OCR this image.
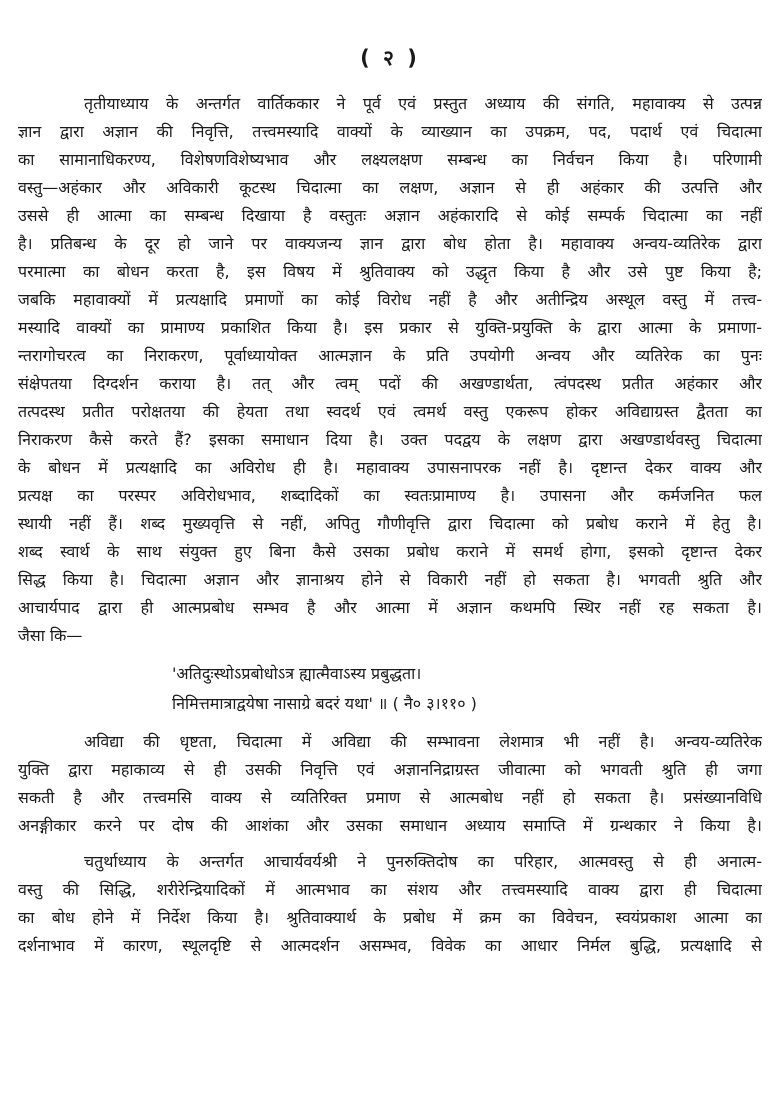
( २ )
तृतीयाध्याय के अन्तर्गत वार्तिककार ने पूर्व एवं प्रस्तुत अध्याय की संगति, महावाक्य से उत्पन्न
ज्ञान द्वारा अज्ञान की निवृत्ति, तत्त्वमस्यादि वाक्यों के व्याख्यान का उपक्रम, पद, पदार्थ एवं चिदात्मा
का सामानाधिकरण्य, विशेषणविशेष्यभाव और लक्ष्यलक्षण सम्बन्ध का निर्वचन किया है। परिणामी
वस्तु—अहंकार और अविकारी कूटस्थ चिदात्मा का लक्षण, अज्ञान से ही अहंकार की उत्पत्ति और
उससे ही आत्मा का सम्बन्ध दिखाया है वस्तुतः अज्ञान अहंकारादि से कोई सम्पर्क चिदात्मा का नहीं
है। प्रतिबन्ध के दूर हो जाने पर वाक्यजन्य ज्ञान द्वारा बोध होता है। महावाक्य अन्वय-व्यतिरेक द्वारा
परमात्मा का बोधन करता है, इस विषय में श्रुतिवाक्य को उद्धृत किया है और उसे पुष्ट किया है;
जबकि महावाक्यों में प्रत्यक्षादि प्रमाणों का कोई विरोध नहीं है और अतीन्द्रिय अस्थूल वस्तु में तत्त्व-
मस्यादि वाक्यों का प्रामाण्य प्रकाशित किया है। इस प्रकार से युक्ति-प्रयुक्ति के द्वारा आत्मा के प्रमाणा-
न्तरागोचरत्व का निराकरण, पूर्वाध्यायोक्त आत्मज्ञान के प्रति उपयोगी अन्वय और व्यतिरेक का पुनः
संक्षेपतया दिग्दर्शन कराया है। तत् और त्वम् पदों की अखण्डार्थता, त्वंपदस्थ प्रतीत अहंकार और
तत्पदस्थ प्रतीत परोक्षतया की हेयता तथा स्वदर्थ एवं त्वमर्थ वस्तु एकरूप होकर अविद्याग्रस्त द्वैतता का
निराकरण कैसे करते हैं? इसका समाधान दिया है। उक्त पदद्वय के लक्षण द्वारा अखण्डार्थवस्तु चिदात्मा
के बोधन में प्रत्यक्षादि का अविरोध ही है। महावाक्य उपासनापरक नहीं है। दृष्टान्त देकर वाक्य और
प्रत्यक्ष का परस्पर अविरोधभाव, शब्दादिकों का स्वतःप्रामाण्य है। उपासना और कर्मजनित फल
स्थायी नहीं हैं। शब्द मुख्यवृत्ति से नहीं, अपितु गौणीवृत्ति द्वारा चिदात्मा को प्रबोध कराने में हेतु है।
शब्द स्वार्थ के साथ संयुक्त हुए बिना कैसे उसका प्रबोध कराने में समर्थ होगा, इसको दृष्टान्त देकर
सिद्ध किया है। चिदात्मा अज्ञान और ज्ञानाश्रय होने से विकारी नहीं हो सकता है। भगवती श्रुति और
आचार्यपाद द्वारा ही आत्मप्रबोध सम्भव है और आत्मा में अज्ञान कथमपि स्थिर नहीं रह सकता है।
जैसा कि—
'अतिदुःस्थोऽप्रबोधोऽत्र ह्यात्मैवाऽस्य प्रबुद्धता।
निमित्तमात्राद्वयेषा नासाग्रे बदरं यथा' ॥ ( नै० ३।११० )
अविद्या की धृष्टता, चिदात्मा में अविद्या की सम्भावना लेशमात्र भी नहीं है। अन्वय-व्यतिरेक
युक्ति द्वारा महाकाव्य से ही उसकी निवृत्ति एवं अज्ञाननिद्राग्रस्त जीवात्मा को भगवती श्रुति ही जगा
सकती है और तत्त्वमसि वाक्य से व्यतिरिक्त प्रमाण से आत्मबोध नहीं हो सकता है। प्रसंख्यानविधि
अनङ्गीकार करने पर दोष की आशंका और उसका समाधान अध्याय समाप्ति में ग्रन्थकार ने किया है।
चतुर्थाध्याय के अन्तर्गत आचार्यवर्यश्री ने पुनरुक्तिदोष का परिहार, आत्मवस्तु से ही अनात्म-
वस्तु की सिद्धि, शरीरेन्द्रियादिकों में आत्मभाव का संशय और तत्त्वमस्यादि वाक्य द्वारा ही चिदात्मा
का बोध होने में निर्देश किया है। श्रुतिवाक्यार्थ के प्रबोध में क्रम का विवेचन, स्वयंप्रकाश आत्मा का
दर्शनाभाव में कारण, स्थूलदृष्टि से आत्मदर्शन असम्भव, विवेक का आधार निर्मल बुद्धि, प्रत्यक्षादि से
